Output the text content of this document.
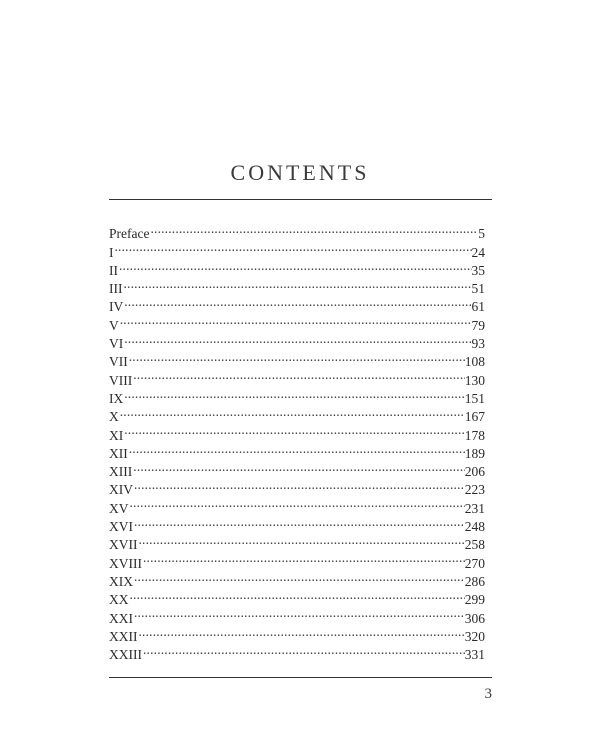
CONTENTS
Preface . . .	5
I . . .	24
II . . .	35
III . . .	51
IV . . .	61
V . . .	79
VI . . .	93
VII . . .	108
VIII . . .	130
IX . . .	151
X . . .	167
XI . . .	178
XII . . .	189
XIII . . .	206
XIV . . .	223
XV . . .	231
XVI . . .	248
XVII . . .	258
XVIII . . .	270
XIX . . .	286
XX . . .	299
XXI . . .	306
XXII . . .	320
XXIII . . .	331
3
